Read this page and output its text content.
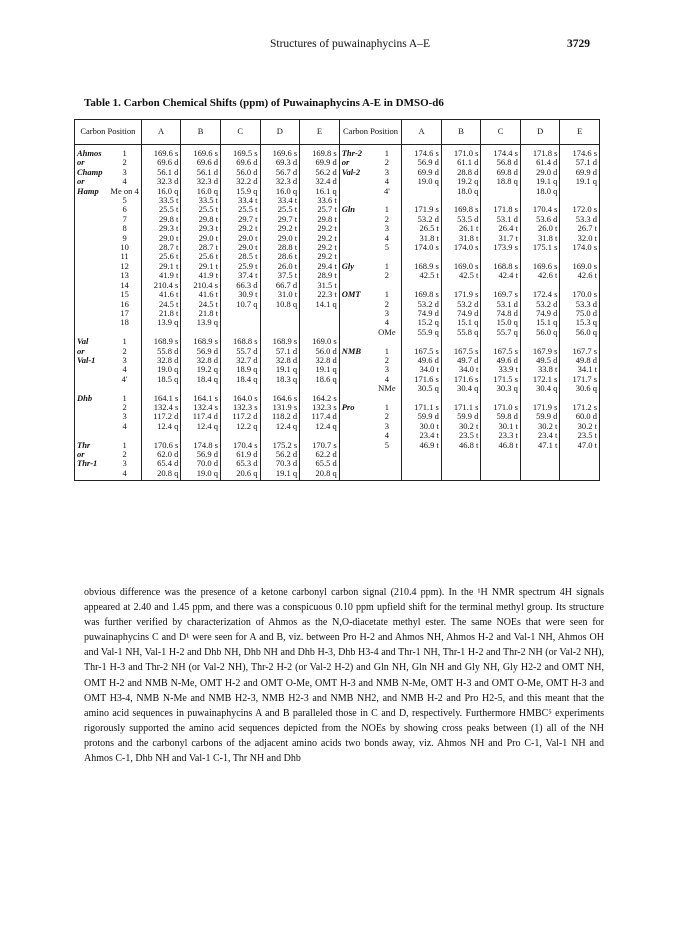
Structures of puwainaphycins A–E	3729
Table 1. Carbon Chemical Shifts (ppm) of Puwainaphycins A-E in DMSO-d6
Carbon Position		A	B	C	D	E	Carbon Position		A	B	C	D	E
Ahmos	1	169.6 s	169.6 s	169.5 s	169.6 s	169.8 s	Thr-2	1	174.6 s	171.0 s	174.4 s	171.8 s	174.6 s
or	2	69.6 d	69.6 d	69.6 d	69.3 d	69.9 d	or	2	56.9 d	61.1 d	56.8 d	61.4 d	57.1 d
Champ	3	56.1 d	56.1 d	56.0 d	56.7 d	56.2 d	Val-2	3	69.9 d	28.8 d	69.8 d	29.0 d	69.9 d
or	4	32.3 d	32.3 d	32.2 d	32.3 d	32.4 d		4	19.0 q	19.2 q	18.8 q	19.1 q	19.1 q
Hamp	Me on 4	16.0 q	16.0 q	15.9 q	16.0 q	16.1 q		4'		18.0 q		18.0 q	
	5	33.5 t	33.5 t	33.4 t	33.4 t	33.6 t							
	6	25.5 t	25.5 t	25.5 t	25.5 t	25.7 t	Gln	1	171.9 s	169.8 s	171.8 s	170.4 s	172.0 s
	7	29.8 t	29.8 t	29.7 t	29.7 t	29.8 t		2	53.2 d	53.5 d	53.1 d	53.6 d	53.3 d
	8	29.3 t	29.3 t	29.2 t	29.2 t	29.2 t		3	26.5 t	26.1 t	26.4 t	26.0 t	26.7 t
	9	29.0 t	29.0 t	29.0 t	29.0 t	29.2 t		4	31.8 t	31.8 t	31.7 t	31.8 t	32.0 t
	10	28.7 t	28.7 t	29.0 t	28.8 t	29.2 t		5	174.0 s	174.0 s	173.9 s	175.1 s	174.0 s
	11	25.6 t	25.6 t	28.5 t	28.6 t	29.2 t							
	12	29.1 t	29.1 t	25.9 t	26.0 t	29.4 t	Gly	1	168.9 s	169.0 s	168.8 s	169.6 s	169.0 s
	13	41.9 t	41.9 t	37.4 t	37.5 t	28.9 t		2	42.5 t	42.5 t	42.4 t	42.6 t	42.6 t
	14	210.4 s	210.4 s	66.3 d	66.7 d	31.5 t							
	15	41.6 t	41.6 t	30.9 t	31.0 t	22.3 t	OMT	1	169.8 s	171.9 s	169.7 s	172.4 s	170.0 s
	16	24.5 t	24.5 t	10.7 q	10.8 q	14.1 q		2	53.2 d	53.2 d	53.1 d	53.2 d	53.3 d
	17	21.8 t	21.8 t					3	74.9 d	74.9 d	74.8 d	74.9 d	75.0 d
	18	13.9 q	13.9 q					4	15.2 q	15.1 q	15.0 q	15.1 q	15.3 q
								OMe	55.9 q	55.8 q	55.7 q	56.0 q	56.0 q
Val	1	168.9 s	168.9 s	168.8 s	168.9 s	169.0 s							
or	2	55.8 d	56.9 d	55.7 d	57.1 d	56.0 d	NMB	1	167.5 s	167.5 s	167.5 s	167.9 s	167.7 s
Val-1	3	32.8 d	32.8 d	32.7 d	32.8 d	32.8 d		2	49.6 d	49.7 d	49.6 d	49.5 d	49.8 d
	4	19.0 q	19.2 q	18.9 q	19.1 q	19.1 q		3	34.0 t	34.0 t	33.9 t	33.8 t	34.1 t
	4'	18.5 q	18.4 q	18.4 q	18.3 q	18.6 q		4	171.6 s	171.6 s	171.5 s	172.1 s	171.7 s
								NMe	30.5 q	30.4 q	30.3 q	30.4 q	30.6 q
Dhb	1	164.1 s	164.1 s	164.0 s	164.6 s	164.2 s							
	2	132.4 s	132.4 s	132.3 s	131.9 s	132.3 s	Pro	1	171.1 s	171.1 s	171.0 s	171.9 s	171.2 s
	3	117.2 d	117.4 d	117.2 d	118.2 d	117.4 d		2	59.9 d	59.9 d	59.8 d	59.9 d	60.0 d
	4	12.4 q	12.4 q	12.2 q	12.4 q	12.4 q		3	30.0 t	30.2 t	30.1 t	30.2 t	30.2 t
								4	23.4 t	23.5 t	23.3 t	23.4 t	23.5 t
Thr	1	170.6 s	174.8 s	170.4 s	175.2 s	170.7 s		5	46.9 t	46.8 t	46.8 t	47.1 t	47.0 t
or	2	62.0 d	56.9 d	61.9 d	56.2 d	62.2 d							
Thr-1	3	65.4 d	70.0 d	65.3 d	70.3 d	65.5 d							
	4	20.8 q	19.0 q	20.6 q	19.1 q	20.8 q							

obvious difference was the presence of a ketone carbonyl carbon signal (210.4 ppm). In the ¹H NMR spectrum 4H signals appeared at 2.40 and 1.45 ppm, and there was a conspicuous 0.10 ppm upfield shift for the terminal methyl group. Its structure was further verified by characterization of Ahmos as the N,O-diacetate methyl ester. The same NOEs that were seen for puwainaphycins C and D¹ were seen for A and B, viz. between Pro H-2 and Ahmos NH, Ahmos H-2 and Val-1 NH, Ahmos OH and Val-1 NH, Val-1 H-2 and Dhb NH, Dhb NH and Dhb H-3, Dhb H3-4 and Thr-1 NH, Thr-1 H-2 and Thr-2 NH (or Val-2 NH), Thr-1 H-3 and Thr-2 NH (or Val-2 NH), Thr-2 H-2 (or Val-2 H-2) and Gln NH, Gln NH and Gly NH, Gly H2-2 and OMT NH, OMT H-2 and NMB N-Me, OMT H-2 and OMT O-Me, OMT H-3 and NMB N-Me, OMT H-3 and OMT O-Me, OMT H-3 and OMT H3-4, NMB N-Me and NMB H2-3, NMB H2-3 and NMB NH2, and NMB H-2 and Pro H2-5, and this meant that the amino acid sequences in puwainaphycins A and B paralleled those in C and D, respectively. Furthermore HMBC⁵ experiments rigorously supported the amino acid sequences depicted from the NOEs by showing cross peaks between (1) all of the NH protons and the carbonyl carbons of the adjacent amino acids two bonds away, viz. Ahmos NH and Pro C-1, Val-1 NH and Ahmos C-1, Dhb NH and Val-1 C-1, Thr NH and Dhb
